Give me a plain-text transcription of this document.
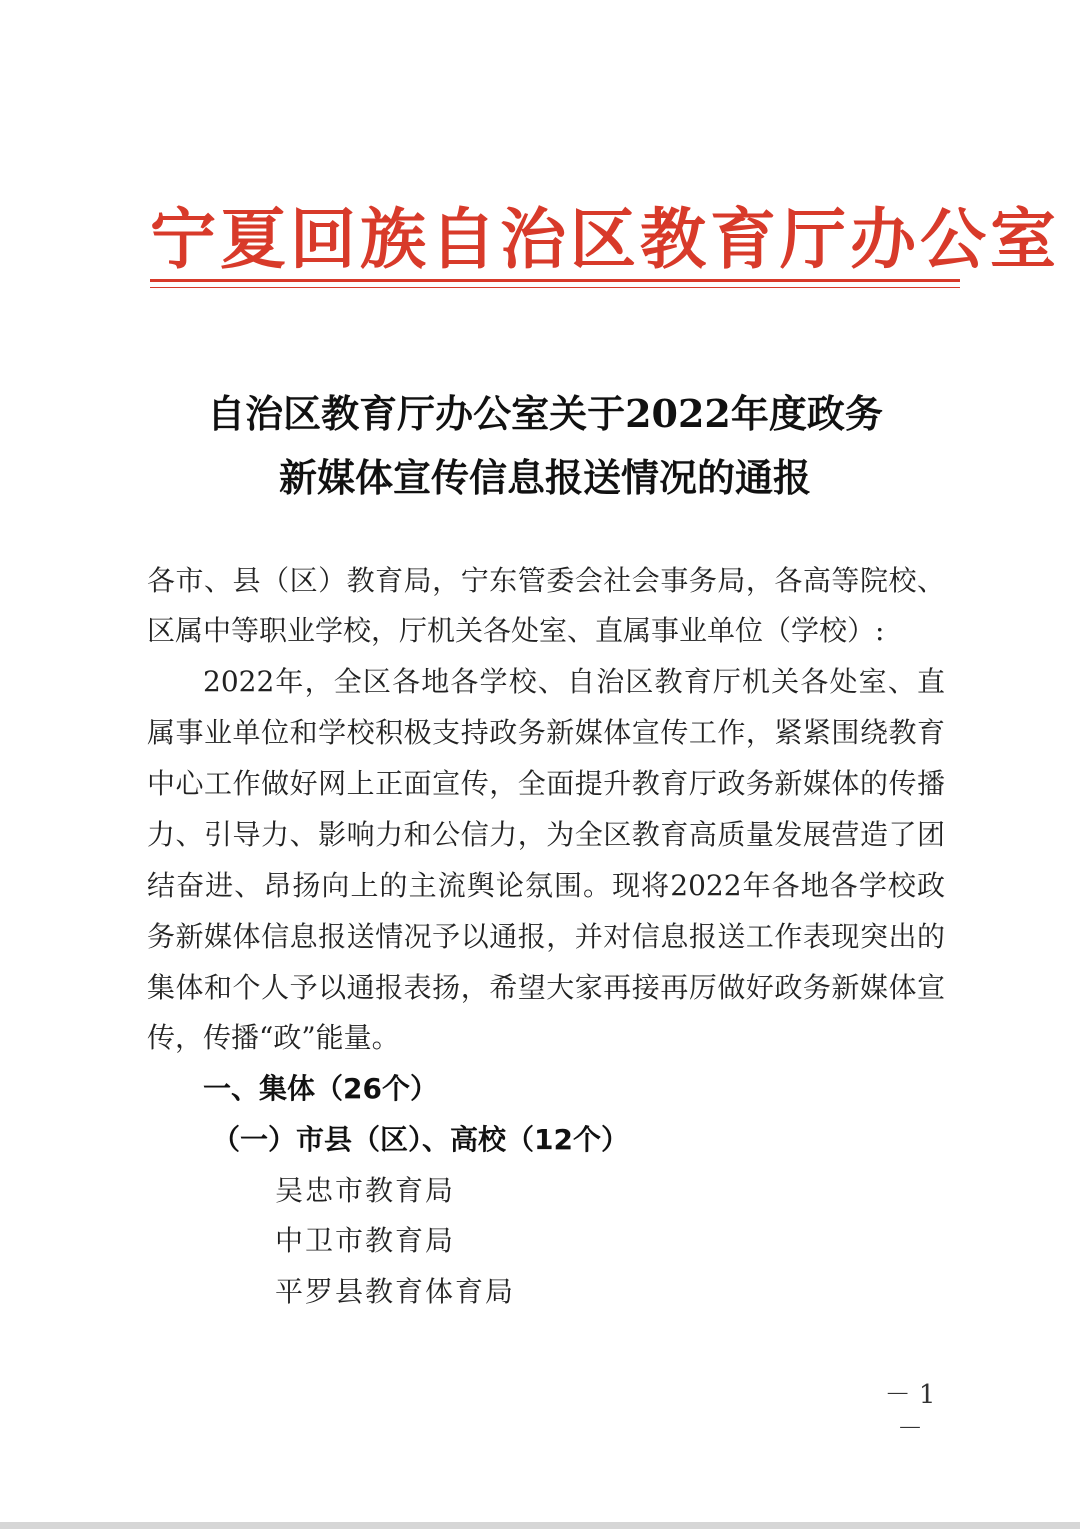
宁夏回族自治区教育厅办公室
自治区教育厅办公室关于2022年度政务
新媒体宣传信息报送情况的通报
各市、县（区）教育局，宁东管委会社会事务局，各高等院校、
区属中等职业学校，厅机关各处室、直属事业单位（学校）:
2022年，全区各地各学校、自治区教育厅机关各处室、直
属事业单位和学校积极支持政务新媒体宣传工作，紧紧围绕教育
中心工作做好网上正面宣传，全面提升教育厅政务新媒体的传播
力、引导力、影响力和公信力，为全区教育高质量发展营造了团
结奋进、昂扬向上的主流舆论氛围。现将2022年各地各学校政
务新媒体信息报送情况予以通报，并对信息报送工作表现突出的
集体和个人予以通报表扬，希望大家再接再厉做好政务新媒体宣
传，传播“政”能量。
一、集体（26个）
（一）市县（区）、高校（12个）
吴忠市教育局
中卫市教育局
平罗县教育体育局
－ 1 －
